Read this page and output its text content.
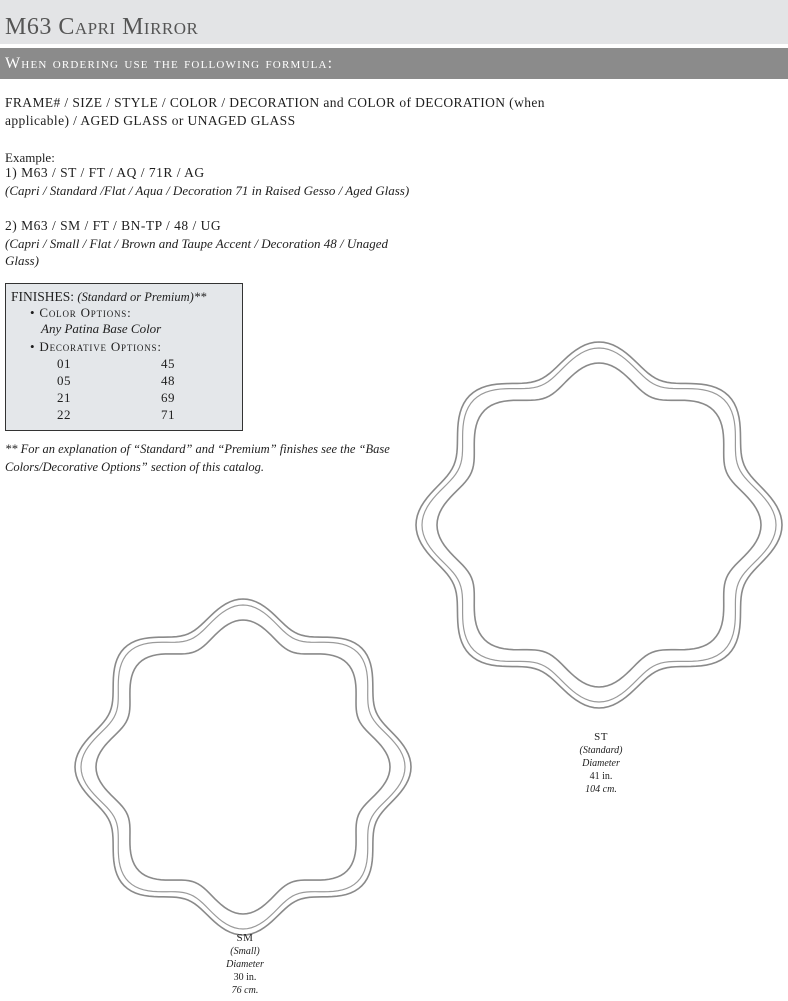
M63 Capri Mirror
When ordering use the following formula:
FRAME# / SIZE / STYLE / COLOR / DECORATION and COLOR of DECORATION (when applicable) / AGED GLASS or UNAGED GLASS
Example:
1) M63 / ST / FT / AQ / 71R / AG
(Capri / Standard /Flat / Aqua / Decoration 71 in Raised Gesso / Aged Glass)
2) M63 / SM / FT / BN-TP / 48 / UG
(Capri / Small / Flat / Brown and Taupe Accent / Decoration 48 / Unaged Glass)
FINISHES: (Standard or Premium)**
• Color Options:
Any Patina Base Color
• Decorative Options:
01
05
21
22
45
48
69
71
** For an explanation of “Standard” and “Premium” finishes see the “Base Colors/Decorative Options” section of this catalog.
ST
(Standard)
Diameter
41 in.
104 cm.
SM
(Small)
Diameter
30 in.
76 cm.
